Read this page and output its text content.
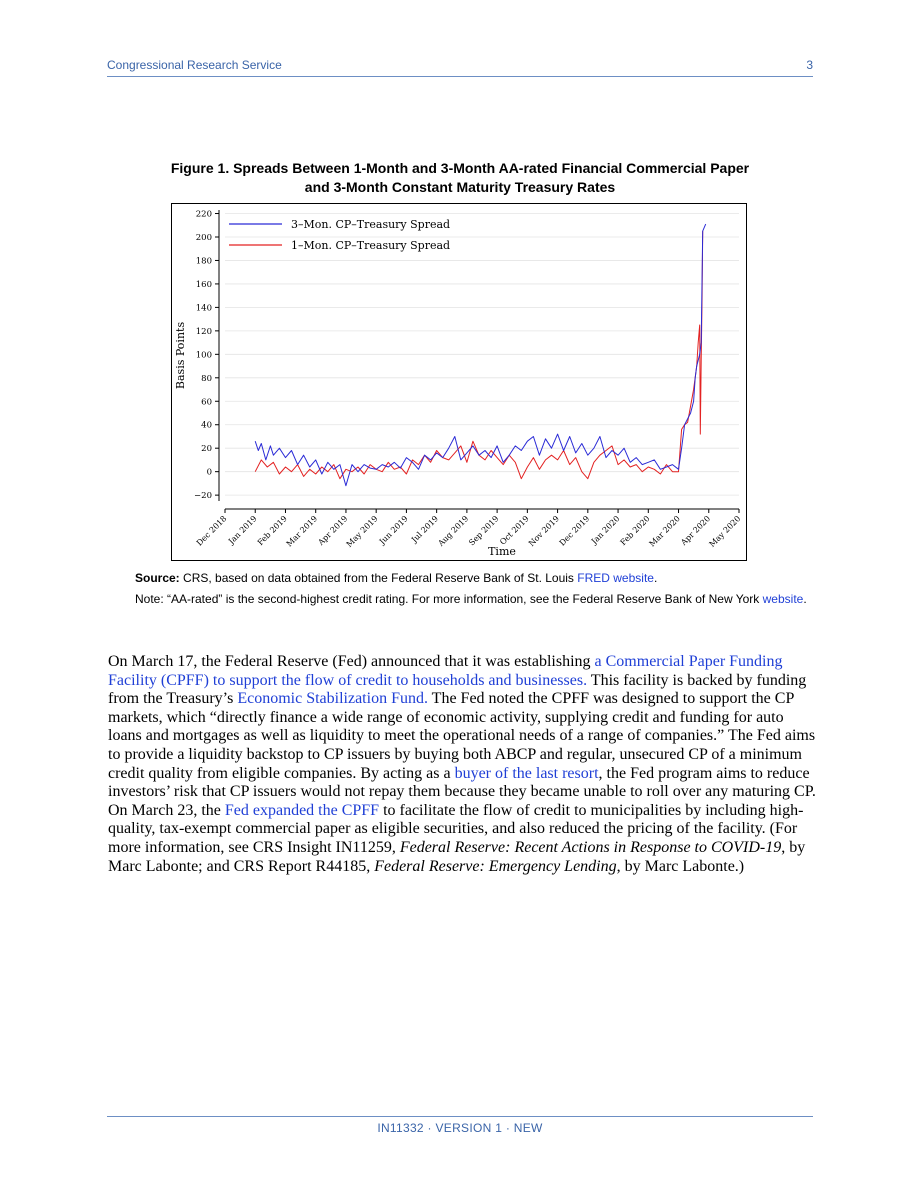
Congressional Research Service	3
Figure 1. Spreads Between 1-Month and 3-Month AA-rated Financial Commercial Paper
and 3-Month Constant Maturity Treasury Rates
−20
0
20
40
60
80
100
120
140
160
180
200
220
Dec 2018
Jan 2019
Feb 2019
Mar 2019
Apr 2019
May 2019
Jun 2019 Jul 2019
Aug 2019
Sep 2019
Oct 2019
Nov 2019
Dec 2019
Jan 2020
Feb 2020
Mar 2020
Apr 2020
May 2020
Time
Basis Points
3–Mon. CP–Treasury Spread
1–Mon. CP–Treasury Spread
Source: CRS, based on data obtained from the Federal Reserve Bank of St. Louis FRED website.
Note: “AA-rated” is the second-highest credit rating. For more information, see the Federal Reserve Bank of New York website.
On March 17, the Federal Reserve (Fed) announced that it was establishing a Commercial Paper Funding Facility (CPFF) to support the flow of credit to households and businesses. This facility is backed by funding from the Treasury’s Economic Stabilization Fund. The Fed noted the CPFF was designed to support the CP markets, which “directly finance a wide range of economic activity, supplying credit and funding for auto loans and mortgages as well as liquidity to meet the operational needs of a range of companies.” The Fed aims to provide a liquidity backstop to CP issuers by buying both ABCP and regular, unsecured CP of a minimum credit quality from eligible companies. By acting as a buyer of the last resort, the Fed program aims to reduce investors’ risk that CP issuers would not repay them because they became unable to roll over any maturing CP. On March 23, the Fed expanded the CPFF to facilitate the flow of credit to municipalities by including high-quality, tax-exempt commercial paper as eligible securities, and also reduced the pricing of the facility. (For more information, see CRS Insight IN11259, Federal Reserve: Recent Actions in Response to COVID-19, by Marc Labonte; and CRS Report R44185, Federal Reserve: Emergency Lending, by Marc Labonte.)
IN11332 · VERSION 1 · NEW
